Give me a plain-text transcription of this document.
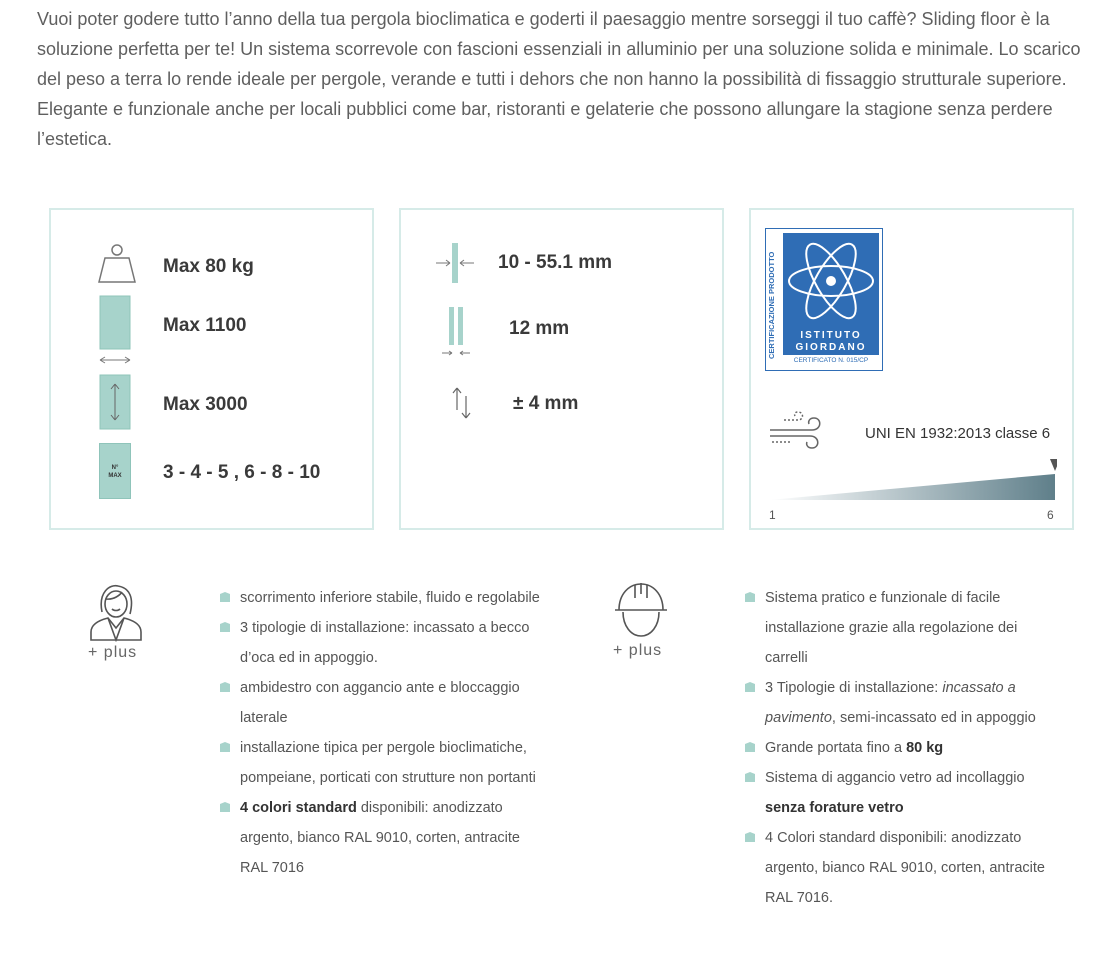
Vuoi poter godere tutto l’anno della tua pergola bioclimatica e goderti il paesaggio mentre sorseggi il tuo caffè? Sliding floor è la soluzione perfetta per te! Un sistema scorrevole con fascioni essenziali in alluminio per una soluzione solida e minimale. Lo scarico del peso a terra lo rende ideale per pergole, verande e tutti i dehors che non hanno la possibilità di fissaggio strutturale superiore. Elegante e funzionale anche per locali pubblici come bar, ristoranti e gelaterie che possono allungare la stagione senza perdere l’estetica.

Max 80 kg
Max 1100
Max 3000
N°
MAX	3 - 4 - 5 , 6 - 8 - 10
10 - 55.1 mm
12 mm
± 4 mm
CERTIFICAZIONE PRODOTTO	ISTITUTO
GIORDANO
CERTIFICATO N. 015/CP
UNI EN 1932:2013 classe 6
1	6
+ plus
scorrimento inferiore stabile, fluido e regolabile
3 tipologie di installazione: incassato a becco d’oca ed in appoggio.
ambidestro con aggancio ante e bloccaggio laterale
installazione tipica per pergole bioclimatiche, pompeiane, porticati con strutture non portanti
4 colori standard disponibili: anodizzato argento, bianco RAL 9010, corten, antracite RAL 7016
+ plus
Sistema pratico e funzionale di facile installazione grazie alla regolazione dei carrelli
3 Tipologie di installazione: incassato a pavimento, semi-incassato ed in appoggio
Grande portata fino a 80 kg
Sistema di aggancio vetro ad incollaggio senza forature vetro
4 Colori standard disponibili: anodizzato argento, bianco RAL 9010, corten, antracite RAL 7016.
